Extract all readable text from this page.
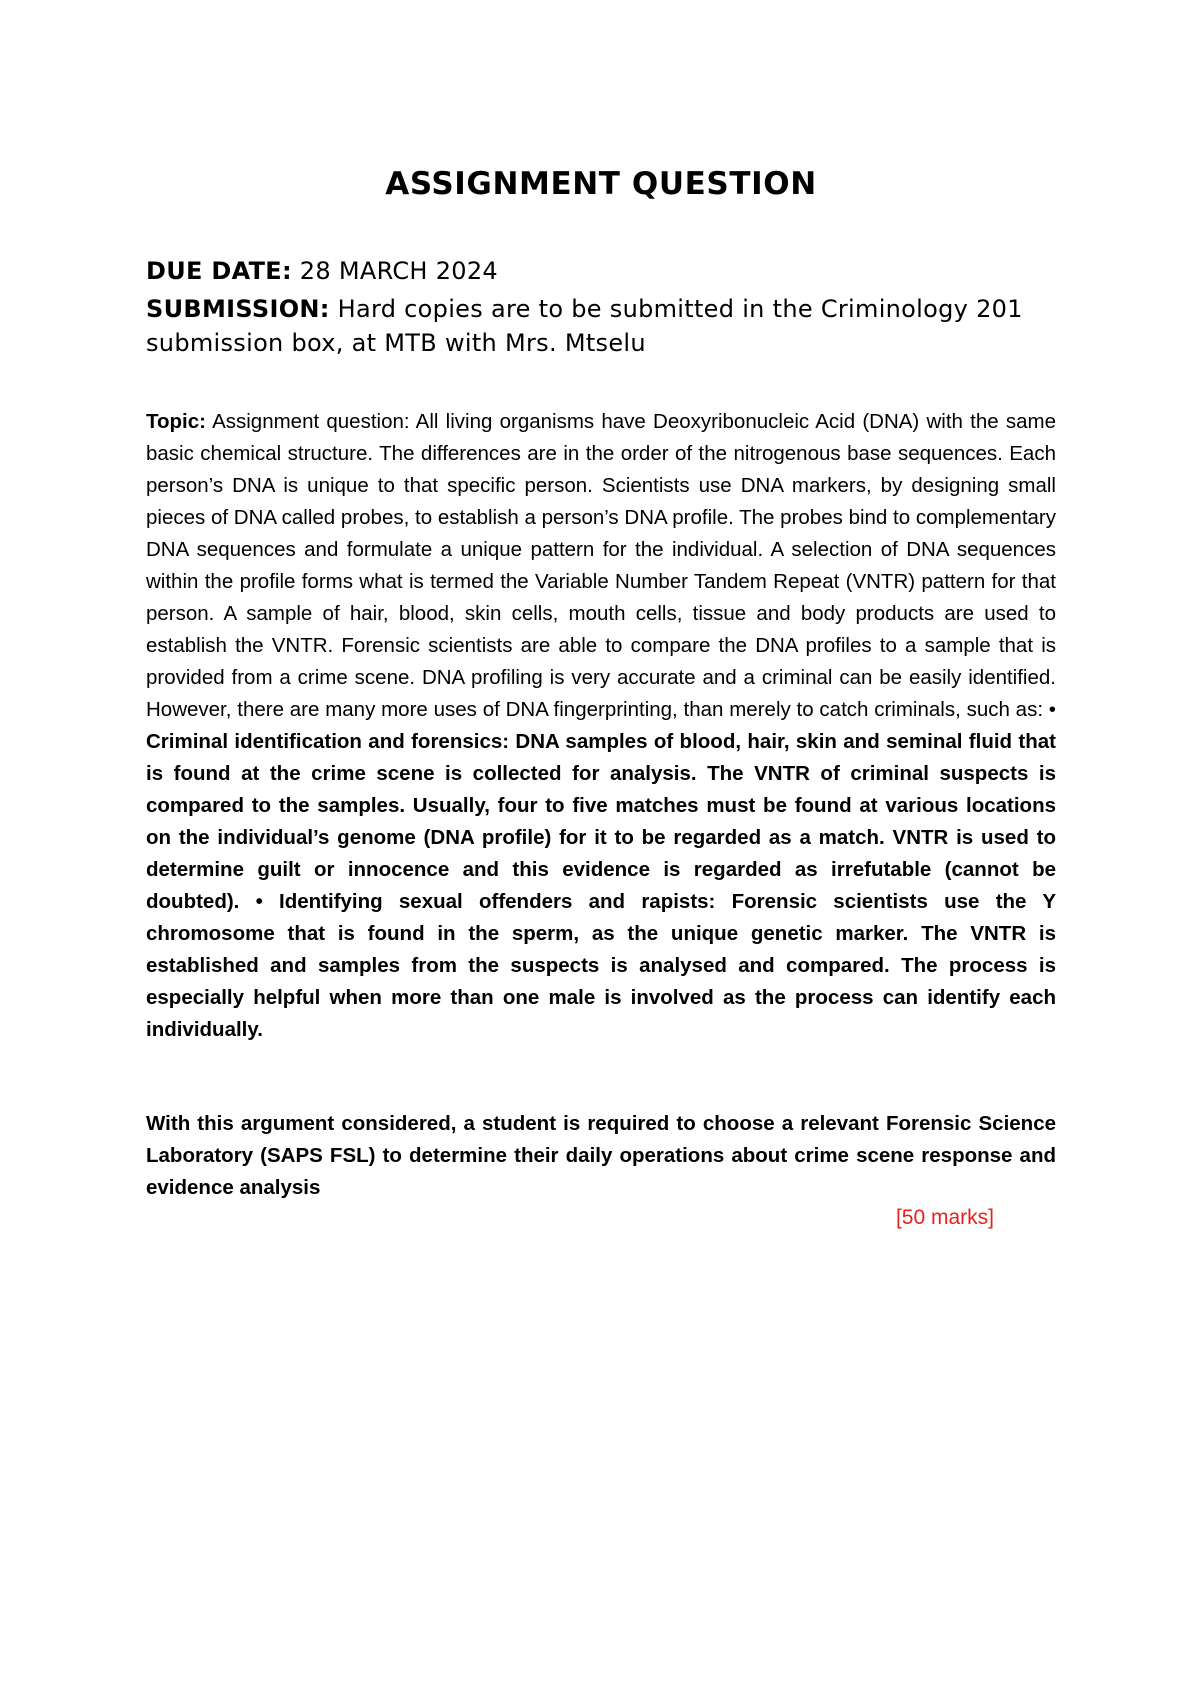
ASSIGNMENT QUESTION

DUE DATE: 28 MARCH 2024

SUBMISSION: Hard copies are to be submitted in the Criminology 201 submission box, at MTB with Mrs. Mtselu

Topic: Assignment question: All living organisms have Deoxyribonucleic Acid (DNA) with the same basic chemical structure. The differences are in the order of the nitrogenous base sequences. Each person’s DNA is unique to that specific person. Scientists use DNA markers, by designing small pieces of DNA called probes, to establish a person’s DNA profile. The probes bind to complementary DNA sequences and formulate a unique pattern for the individual. A selection of DNA sequences within the profile forms what is termed the Variable Number Tandem Repeat (VNTR) pattern for that person. A sample of hair, blood, skin cells, mouth cells, tissue and body products are used to establish the VNTR. Forensic scientists are able to compare the DNA profiles to a sample that is provided from a crime scene. DNA profiling is very accurate and a criminal can be easily identified. However, there are many more uses of DNA fingerprinting, than merely to catch criminals, such as: • Criminal identification and forensics: DNA samples of blood, hair, skin and seminal fluid that is found at the crime scene is collected for analysis. The VNTR of criminal suspects is compared to the samples. Usually, four to five matches must be found at various locations on the individual’s genome (DNA profile) for it to be regarded as a match. VNTR is used to determine guilt or innocence and this evidence is regarded as irrefutable (cannot be doubted). • Identifying sexual offenders and rapists: Forensic scientists use the Y chromosome that is found in the sperm, as the unique genetic marker. The VNTR is established and samples from the suspects is analysed and compared. The process is especially helpful when more than one male is involved as the process can identify each individually.

With this argument considered, a student is required to choose a relevant Forensic Science Laboratory (SAPS FSL) to determine their daily operations about crime scene response and evidence analysis

[50 marks]
